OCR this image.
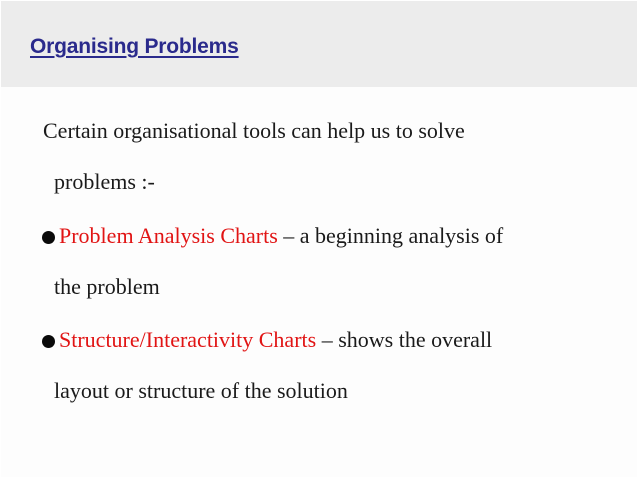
Organising Problems
Certain organisational tools can help us to solve
problems :-
Problem Analysis Charts – a beginning analysis of
the problem
Structure/Interactivity Charts – shows the overall
layout or structure of the solution
